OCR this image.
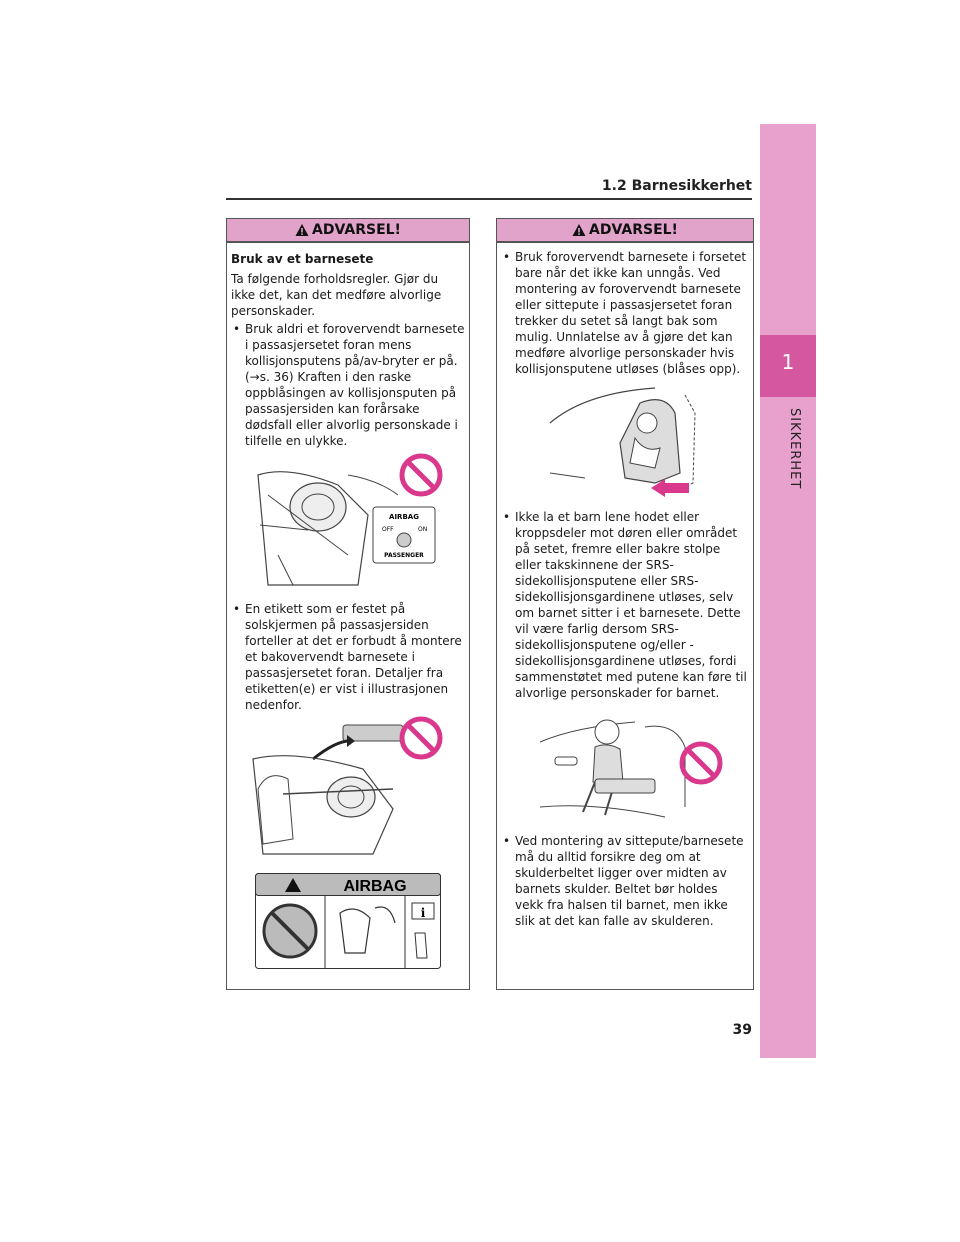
1
SIKKERHET
1.2 Barnesikkerhet
ADVARSEL!
Bruk av et barnesete
Ta følgende forholdsregler. Gjør du ikke det, kan det medføre alvorlige personskader.
• Bruk aldri et forovervendt barnesete i passasjersetet foran mens kollisjonsputens på/av-bryter er på. (→s. 36) Kraften i den raske oppblåsingen av kollisjonsputen på passasjersiden kan forårsake dødsfall eller alvorlig personskade i tilfelle en ulykke.
AIRBAG
OFF	ON
PASSENGER
• En etikett som er festet på solskjermen på passasjersiden forteller at det er forbudt å montere et bakovervendt barnesete i passasjersetet foran. Detaljer fra etiketten(e) er vist i illustrasjonen nedenfor.
AIRBAG
i
ADVARSEL!
• Bruk forovervendt barnesete i forsetet bare når det ikke kan unngås. Ved montering av forovervendt barnesete eller sittepute i passasjersetet foran trekker du setet så langt bak som mulig. Unnlatelse av å gjøre det kan medføre alvorlige personskader hvis kollisjonsputene utløses (blåses opp).
• Ikke la et barn lene hodet eller kroppsdeler mot døren eller området på setet, fremre eller bakre stolpe eller takskinnene der SRS-sidekollisjonsputene eller SRS-sidekollisjonsgardinene utløses, selv om barnet sitter i et barnesete. Dette vil være farlig dersom SRS-sidekollisjonsputene og/eller -sidekollisjonsgardinene utløses, fordi sammenstøtet med putene kan føre til alvorlige personskader for barnet.
• Ved montering av sittepute/barnesete må du alltid forsikre deg om at skulderbeltet ligger over midten av barnets skulder. Beltet bør holdes vekk fra halsen til barnet, men ikke slik at det kan falle av skulderen.
39
